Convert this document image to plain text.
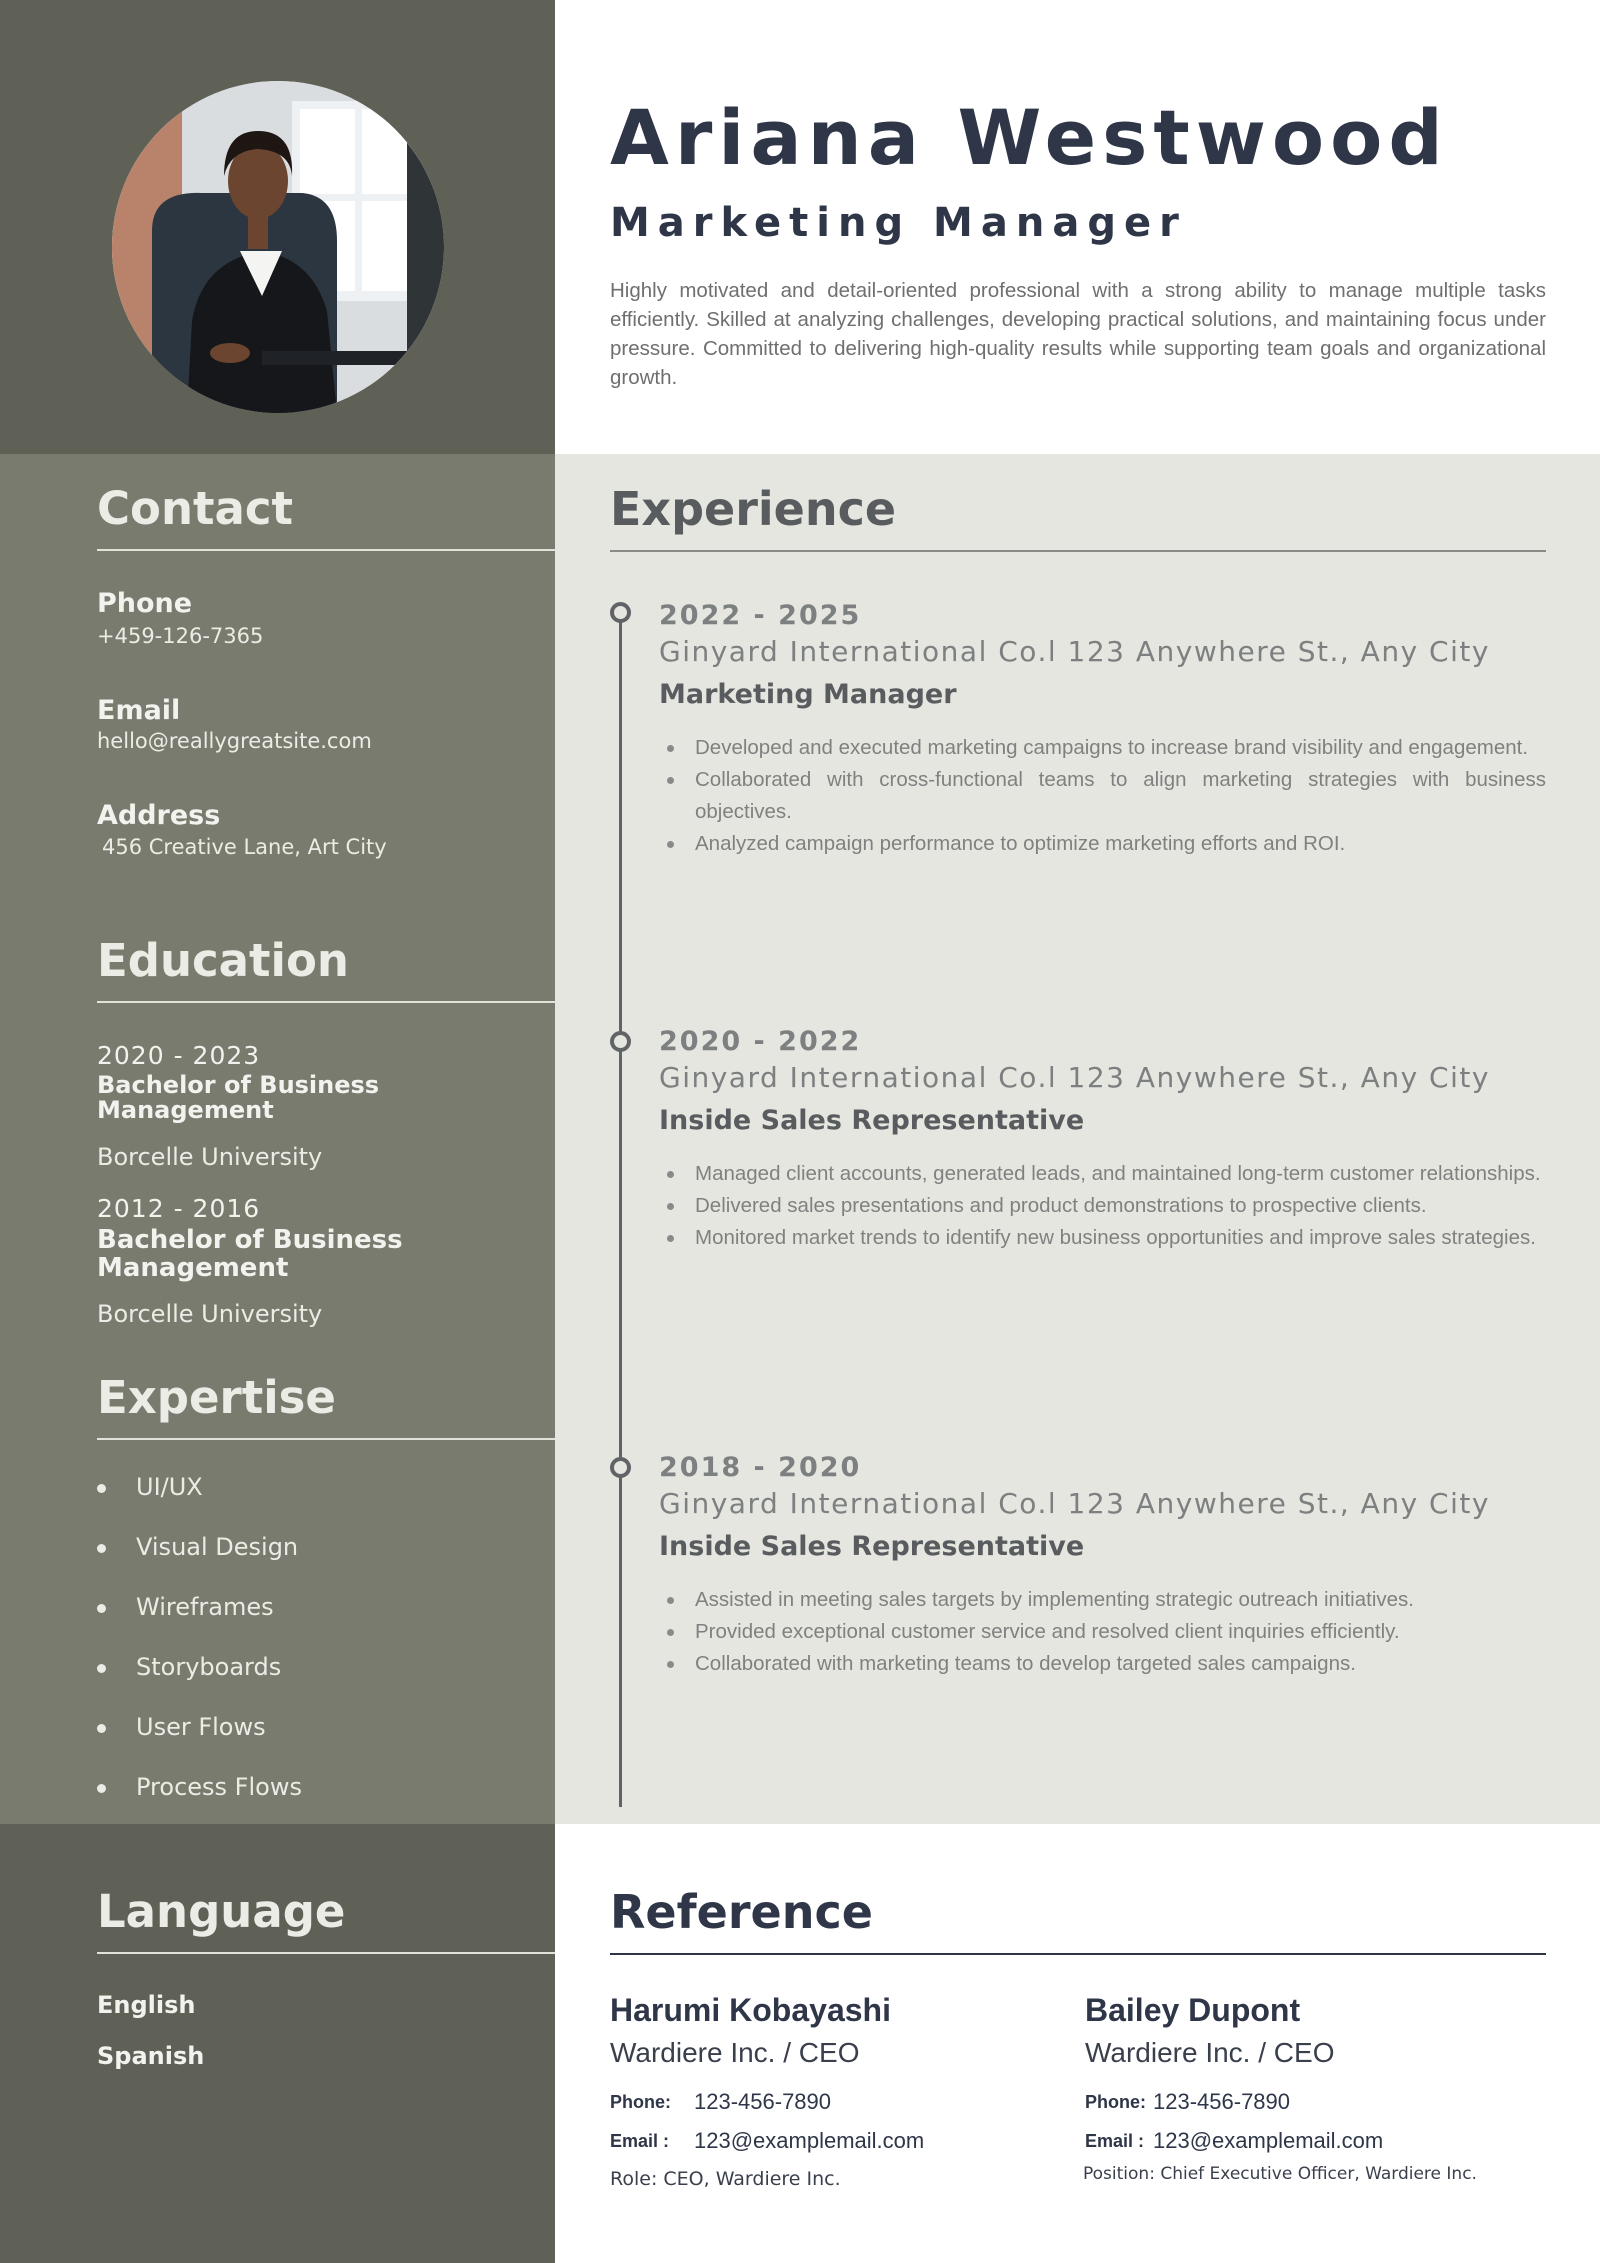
Ariana Westwood
Marketing Manager

Highly motivated and detail-oriented professional with a strong ability to manage multiple tasks efficiently. Skilled at analyzing challenges, developing practical solutions, and maintaining focus under pressure. Committed to delivering high-quality results while supporting team goals and organizational growth.

Contact

Phone

+459-126-7365

Email

hello@reallygreatsite.com

Address

456 Creative Lane, Art City

Education

2020 - 2023

Bachelor of Business Management

Borcelle University

2012 - 2016

Bachelor of Business Management

Borcelle University

Expertise
UI/UX
Visual Design
Wireframes
Storyboards
User Flows
Process Flows
Language

English

Spanish

Experience

2022 - 2025

Ginyard International Co.l 123 Anywhere St., Any City

Marketing Manager

Developed and executed marketing campaigns to increase brand visibility and engagement.
Collaborated with cross-functional teams to align marketing strategies with business objectives.
Analyzed campaign performance to optimize marketing efforts and ROI.

2020 - 2022

Ginyard International Co.l 123 Anywhere St., Any City

Inside Sales Representative

Managed client accounts, generated leads, and maintained long-term customer relationships.
Delivered sales presentations and product demonstrations to prospective clients.
Monitored market trends to identify new business opportunities and improve sales strategies.

2018 - 2020

Ginyard International Co.l 123 Anywhere St., Any City

Inside Sales Representative

Assisted in meeting sales targets by implementing strategic outreach initiatives.
Provided exceptional customer service and resolved client inquiries efficiently.
Collaborated with marketing teams to develop targeted sales campaigns.
Reference

Harumi Kobayashi

Wardiere Inc. / CEO

Phone: 123-456-7890

Email : 123@examplemail.com

Role: CEO, Wardiere Inc.

Bailey Dupont

Wardiere Inc. / CEO

Phone: 123-456-7890

Email : 123@examplemail.com

Position: Chief Executive Officer, Wardiere Inc.
